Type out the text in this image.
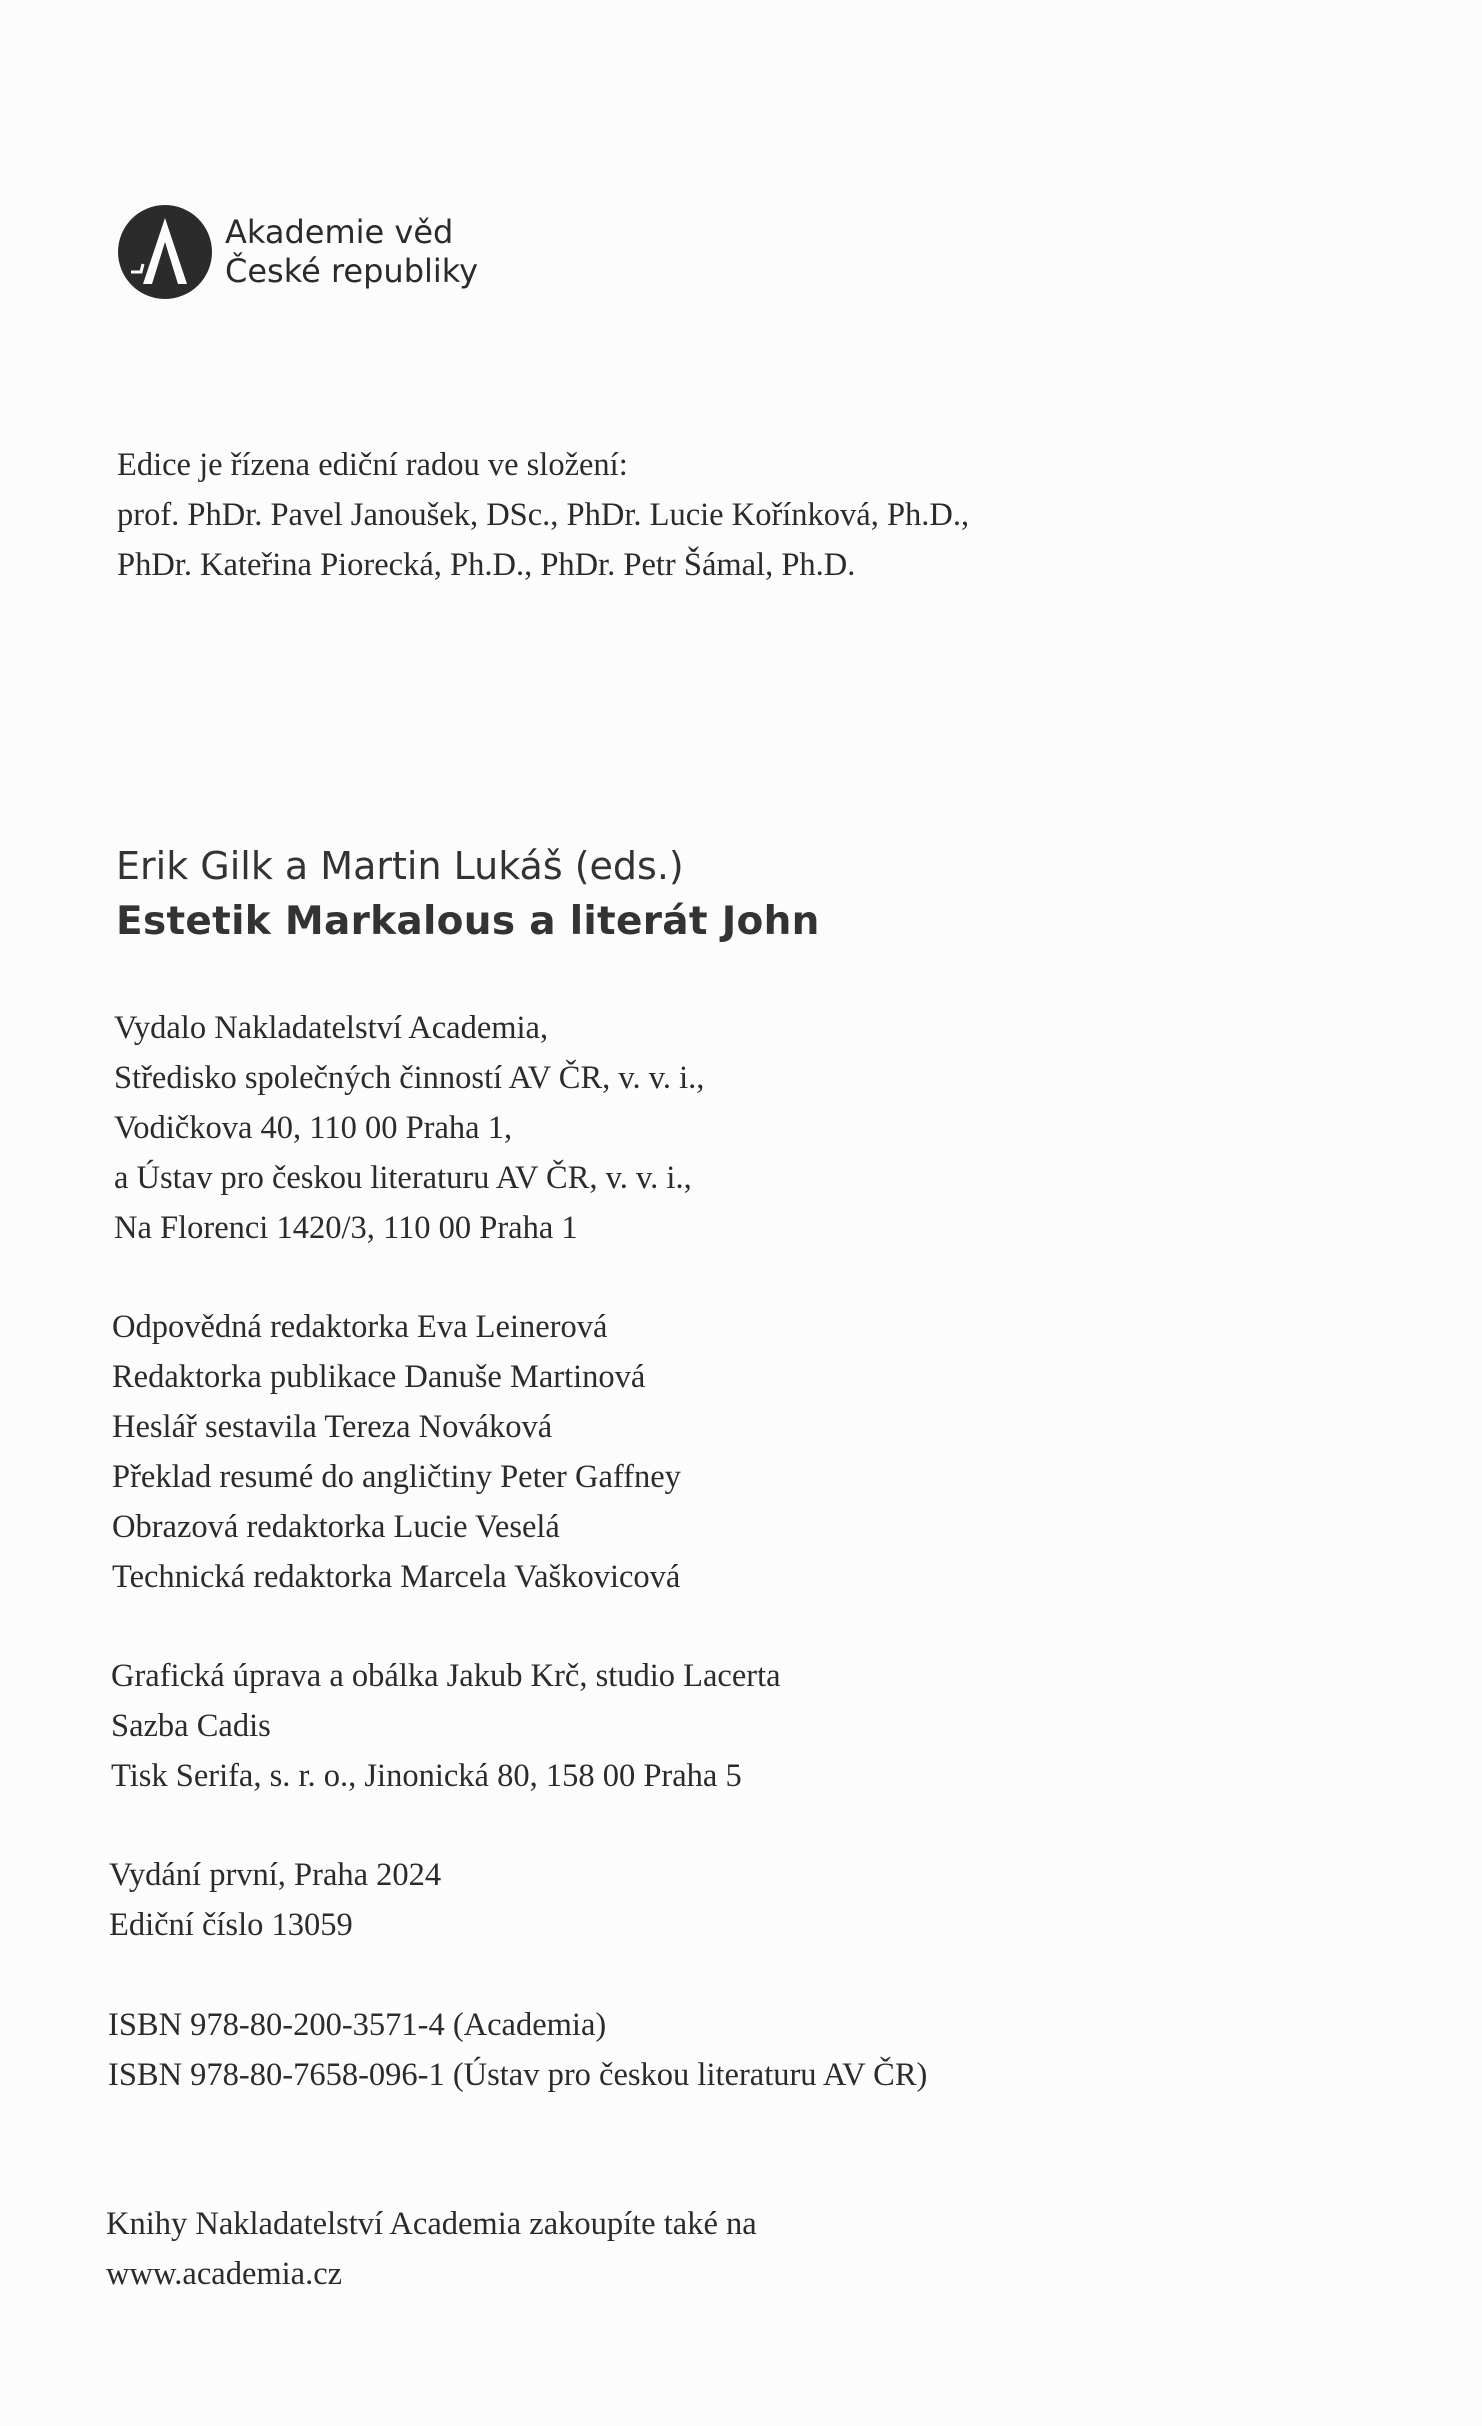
Akademie věd
České republiky
Edice je řízena ediční radou ve složení:
prof. PhDr. Pavel Janoušek, DSc., PhDr. Lucie Kořínková, Ph.D.,
PhDr. Kateřina Piorecká, Ph.D., PhDr. Petr Šámal, Ph.D.
Erik Gilk a Martin Lukáš (eds.)
Estetik Markalous a literát John
Vydalo Nakladatelství Academia,
Středisko společných činností AV ČR, v. v. i.,
Vodičkova 40, 110 00 Praha 1,
a Ústav pro českou literaturu AV ČR, v. v. i.,
Na Florenci 1420/3, 110 00 Praha 1
Odpovědná redaktorka Eva Leinerová
Redaktorka publikace Danuše Martinová
Heslář sestavila Tereza Nováková
Překlad resumé do angličtiny Peter Gaffney
Obrazová redaktorka Lucie Veselá
Technická redaktorka Marcela Vaškovicová
Grafická úprava a obálka Jakub Krč, studio Lacerta
Sazba Cadis
Tisk Serifa, s. r. o., Jinonická 80, 158 00 Praha 5
Vydání první, Praha 2024
Ediční číslo 13059
ISBN 978-80-200-3571-4 (Academia)
ISBN 978-80-7658-096-1 (Ústav pro českou literaturu AV ČR)
Knihy Nakladatelství Academia zakoupíte také na
www.academia.cz
